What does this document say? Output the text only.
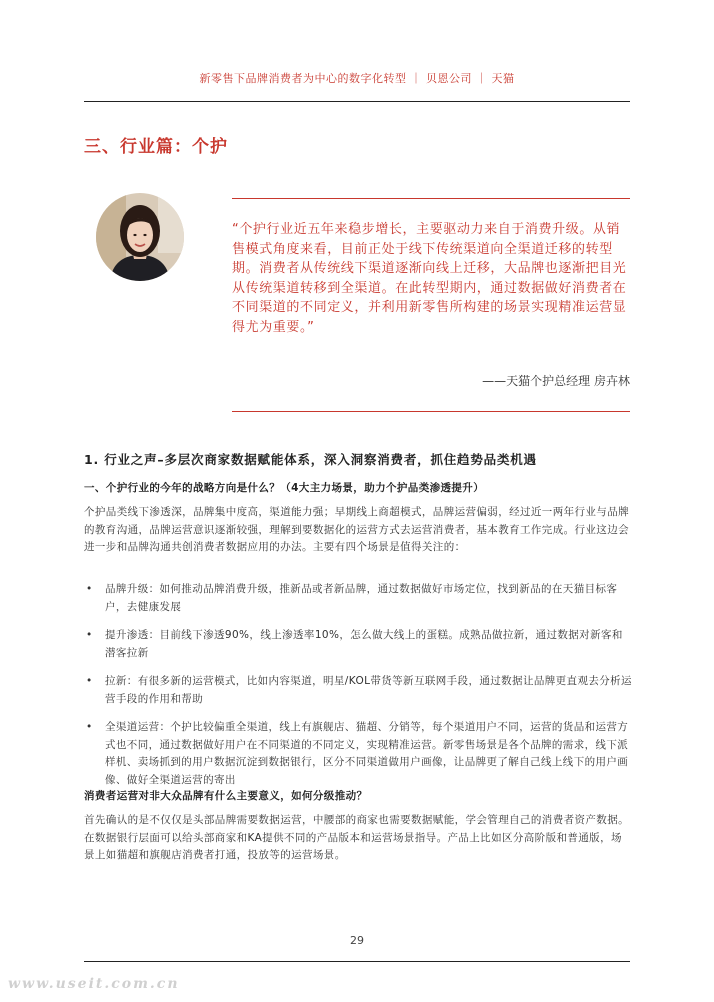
新零售下品牌消费者为中心的数字化转型 ｜ 贝恩公司 ｜ 天猫
三、行业篇：个护
“个护行业近五年来稳步增长，主要驱动力来自于消费升级。从销售模式角度来看，目前正处于线下传统渠道向全渠道迁移的转型期。消费者从传统线下渠道逐渐向线上迁移，大品牌也逐渐把目光从传统渠道转移到全渠道。在此转型期内，通过数据做好消费者在不同渠道的不同定义，并利用新零售所构建的场景实现精准运营显得尤为重要。”
——天猫个护总经理 房卉林
1. 行业之声–多层次商家数据赋能体系，深入洞察消费者，抓住趋势品类机遇
一、个护行业的今年的战略方向是什么？（4大主力场景，助力个护品类渗透提升）

个护品类线下渗透深，品牌集中度高，渠道能力强；早期线上商超模式，品牌运营偏弱，经过近一两年行业与品牌的教育沟通，品牌运营意识逐渐较强，理解到要数据化的运营方式去运营消费者，基本教育工作完成。行业这边会进一步和品牌沟通共创消费者数据应用的办法。主要有四个场景是值得关注的：

• 品牌升级：如何推动品牌消费升级，推新品或者新品牌，通过数据做好市场定位，找到新品的在天猫目标客户，去健康发展
• 提升渗透：目前线下渗透90%，线上渗透率10%，怎么做大线上的蛋糕。成熟品做拉新，通过数据对新客和潜客拉新
• 拉新：有很多新的运营模式，比如内容渠道，明星/KOL带货等新互联网手段，通过数据让品牌更直观去分析运营手段的作用和帮助
• 全渠道运营：个护比较偏重全渠道，线上有旗舰店、猫超、分销等，每个渠道用户不同，运营的货品和运营方式也不同，通过数据做好用户在不同渠道的不同定义，实现精准运营。新零售场景是各个品牌的需求，线下派样机、卖场抓到的用户数据沉淀到数据银行，区分不同渠道做用户画像，让品牌更了解自己线上线下的用户画像、做好全渠道运营的寄出
消费者运营对非大众品牌有什么主要意义，如何分级推动？

首先确认的是不仅仅是头部品牌需要数据运营，中腰部的商家也需要数据赋能，学会管理自己的消费者资产数据。在数据银行层面可以给头部商家和KA提供不同的产品版本和运营场景指导。产品上比如区分高阶版和普通版，场景上如猫超和旗舰店消费者打通，投放等的运营场景。

29
www.useit.com.cn
